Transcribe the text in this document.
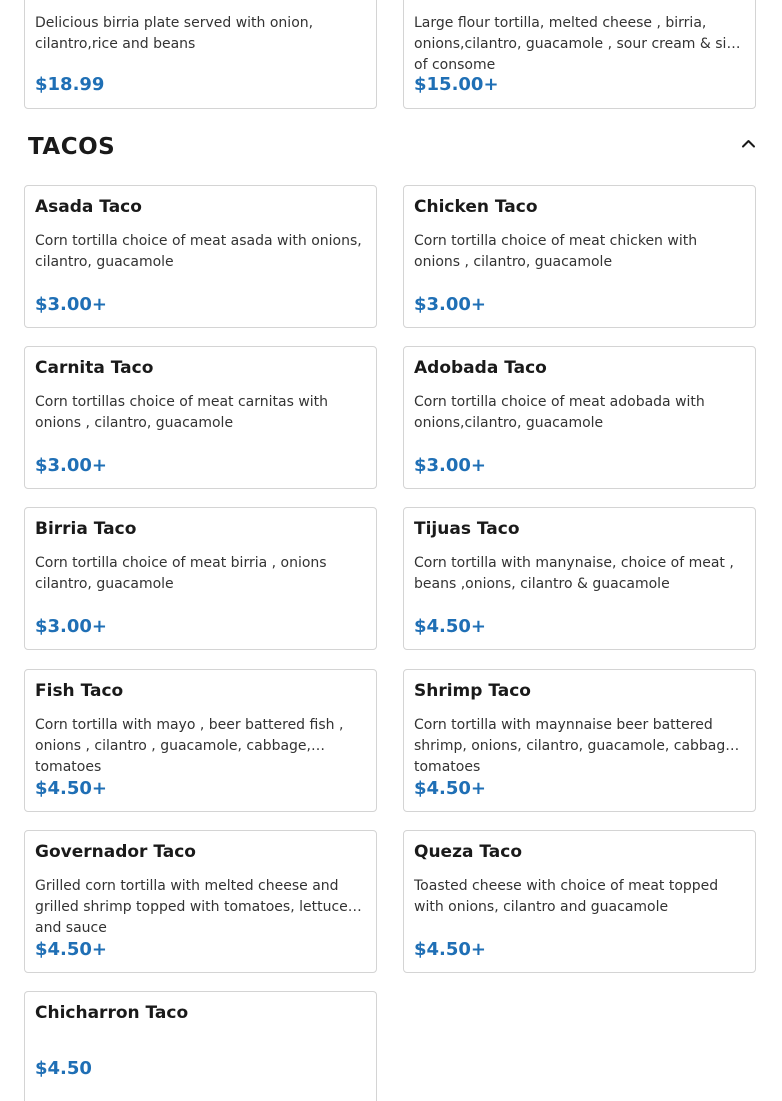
Delicious birria plate served with onion, cilantro,rice and beans
$18.99
Large flour tortilla, melted cheese , birria, onions,cilantro, guacamole , sour cream & side of consome
$15.00+
TACOS
Asada Taco
Corn tortilla choice of meat asada with onions, cilantro, guacamole
$3.00+
Chicken Taco
Corn tortilla choice of meat chicken with onions , cilantro, guacamole
$3.00+
Carnita Taco
Corn tortillas choice of meat carnitas with onions , cilantro, guacamole
$3.00+
Adobada Taco
Corn tortilla choice of meat adobada with onions,cilantro, guacamole
$3.00+
Birria Taco
Corn tortilla choice of meat birria , onions cilantro, guacamole
$3.00+
Tijuas Taco
Corn tortilla with manynaise, choice of meat , beans ,onions, cilantro & guacamole
$4.50+
Fish Taco
Corn tortilla with mayo , beer battered fish , onions , cilantro , guacamole, cabbage, tomatoes
$4.50+
Shrimp Taco
Corn tortilla with maynnaise beer battered shrimp, onions, cilantro, guacamole, cabbage, tomatoes
$4.50+
Governador Taco
Grilled corn tortilla with melted cheese and grilled shrimp topped with tomatoes, lettuce and sauce
$4.50+
Queza Taco
Toasted cheese with choice of meat topped with onions, cilantro and guacamole
$4.50+
Chicharron Taco
$4.50
